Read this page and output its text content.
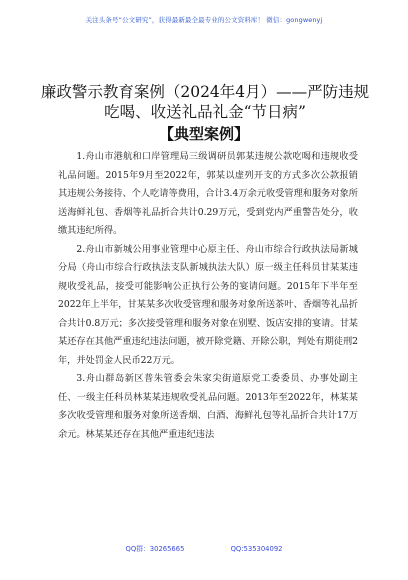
关注头条号“公文研究”，获得最新最全最专业的公文资料库！ 微信：gongwenyj
廉政警示教育案例（2024年4月）——严防违规吃喝、收送礼品礼金“节日病”
【典型案例】

1.舟山市港航和口岸管理局三级调研员郭某违规公款吃喝和违规收受礼品问题。2015年9月至2022年，郭某以虚列开支的方式多次公款报销其违规公务接待、个人吃请等费用，合计3.4万余元收受管理和服务对象所送海鲜礼包、香烟等礼品折合共计0.29万元，受到党内严重警告处分，收缴其违纪所得。

2.舟山市新城公用事业管理中心原主任、舟山市综合行政执法局新城分局（舟山市综合行政执法支队新城执法大队）原一级主任科员甘某某违规收受礼品，接受可能影响公正执行公务的宴请问题。2015年下半年至2022年上半年，甘某某多次收受管理和服务对象所送茶叶、香烟等礼品折合共计0.8万元；多次接受管理和服务对象在别墅、饭店安排的宴请。甘某某还存在其他严重违纪违法问题，被开除党籍、开除公职，判处有期徒刑2年，并处罚金人民币22万元。

3.舟山群岛新区普朱管委会朱家尖街道原党工委委员、办事处副主任、一级主任科员林某某违规收受礼品问题。2013年至2022年，林某某多次收受管理和服务对象所送香烟、白酒、海鲜礼包等礼品折合共计17万余元。林某某还存在其他严重违纪违法

QQ群：30265665	QQ:535304092
